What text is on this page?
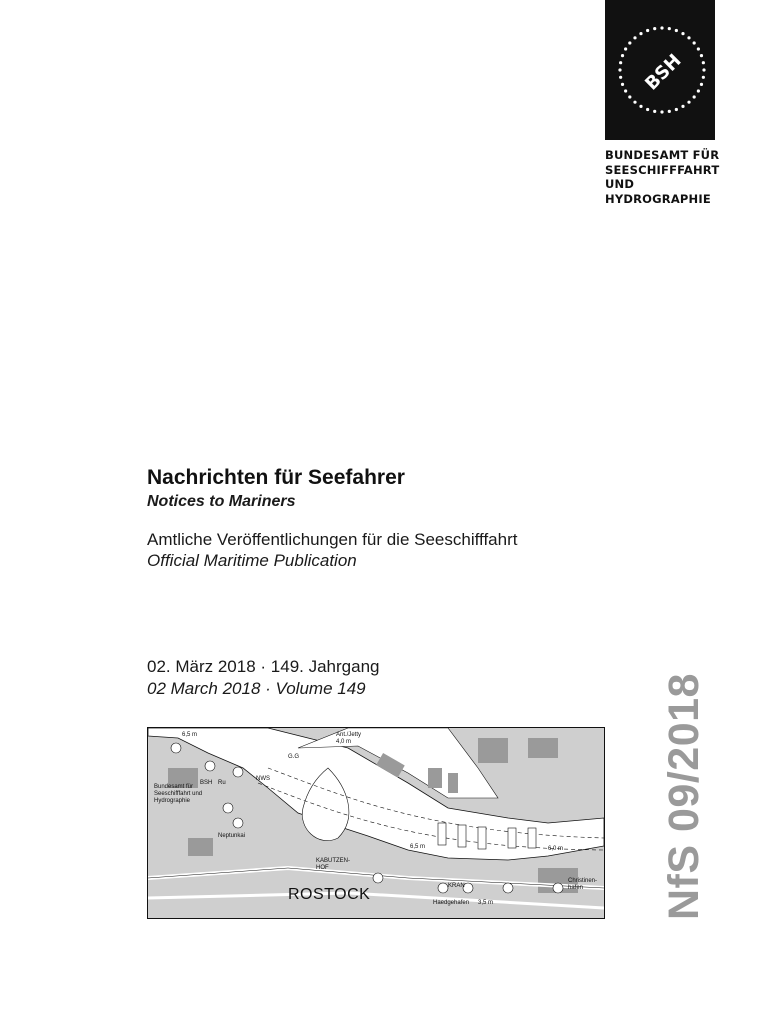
BSH
BUNDESAMT FÜR
SEESCHIFFFAHRT
UND
HYDROGRAPHIE
Nachrichten für Seefahrer
Notices to Mariners
Amtliche Veröffentlichungen für die Seeschifffahrt
Official Maritime Publication
02. März 2018 · 149. Jahrgang
02 March 2018 · Volume 149
ROSTOCK
Bundesamt für Seeschifffahrt und Hydrographie
BSH
Neptunkai
KABUTZEN-HOF
KRAN
Christinen-hafen
Haedgehafen
Ant./Jetty 4,0 m
NWS
Ru
G.G
6,5 m
6,5 m	6,0 m
3,5 m	NfS 09/2018
